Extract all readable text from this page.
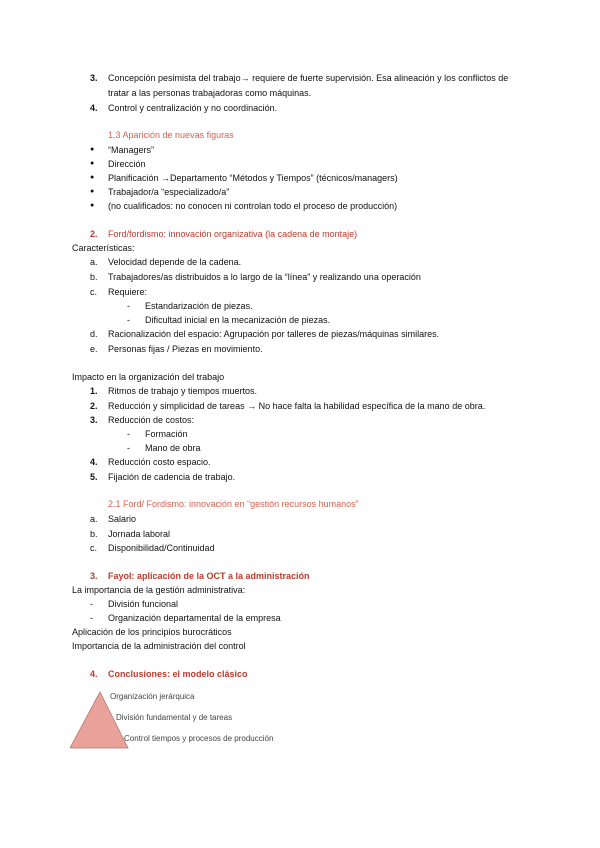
3. Concepción pesimista del trabajo→ requiere de fuerte supervisión. Esa alineación y los conflictos de
tratar a las personas trabajadoras como máquinas.
4. Control y centralización y no coordinación.
1.3 Aparición de nuevas figuras
● “Managers”
● Dirección
● Planificación →Departamento “Métodos y Tiempos” (técnicos/managers)
● Trabajador/a “especializado/a”
● (no cualificados: no conocen ni controlan todo el proceso de producción)
2. Ford/fordismo: innovación organizativa (la cadena de montaje)
Características:
a. Velocidad depende de la cadena.
b. Trabajadores/as distribuidos a lo largo de la “línea” y realizando una operación
c. Requiere:
- Estandarización de piezas.
- Dificultad inicial en la mecanización de piezas.
d. Racionalización del espacio: Agrupación por talleres de piezas/máquinas similares.
e. Personas fijas / Piezas en movimiento.
Impacto en la organización del trabajo
1. Ritmos de trabajo y tiempos muertos.
2. Reducción y simplicidad de tareas → No hace falta la habilidad específica de la mano de obra.
3. Reducción de costos:
- Formación
- Mano de obra
4. Reducción costo espacio.
5. Fijación de cadencia de trabajo.
2.1 Ford/ Fordismo: innovación en “gestión recursos humanos”
a. Salario
b. Jornada laboral
c. Disponibilidad/Continuidad
3. Fayol: aplicación de la OCT a la administración
La importancia de la gestión administrativa:
- División funcional
- Organización departamental de la empresa
Aplicación de los principios burocráticos
Importancia de la administración del control
4. Conclusiones: el modelo clásico
Organización jerárquica
División fundamental y de tareas
Control tiempos y procesos de producción
